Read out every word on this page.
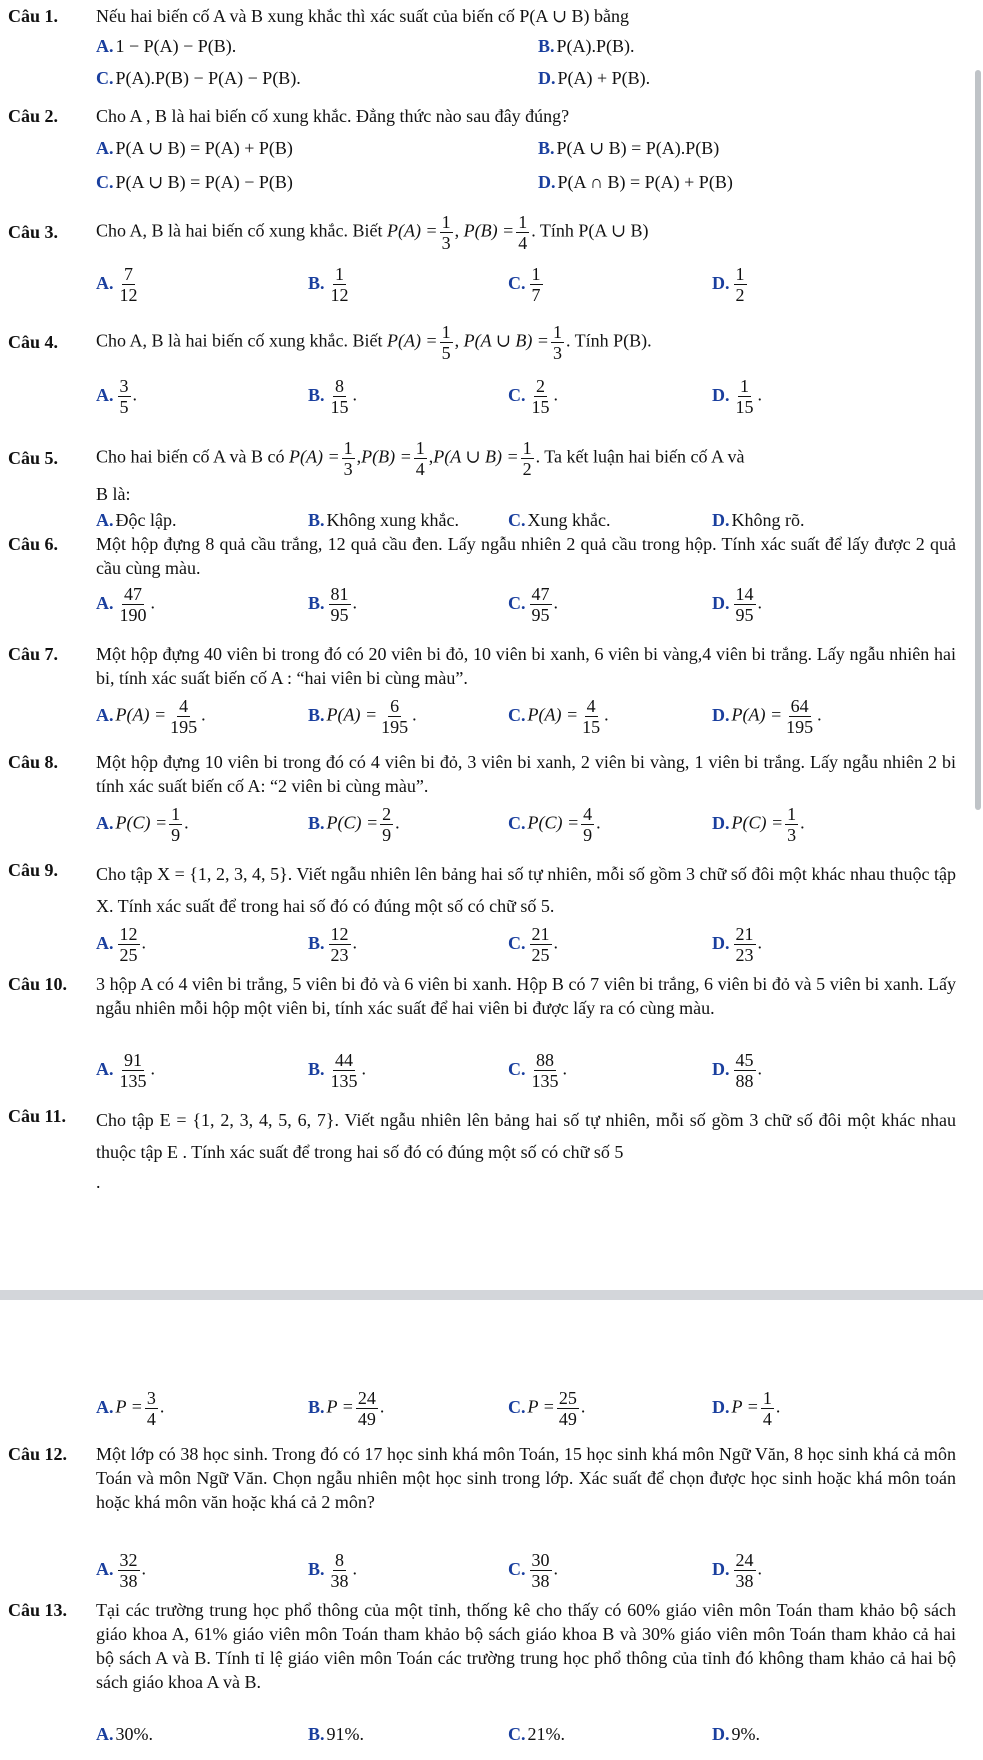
Câu 1. Nếu hai biến cố A và B xung khắc thì xác suất của biến cố P(A ∪ B) bằng
A. 1 − P(A) − P(B).	B. P(A).P(B).
C. P(A).P(B) − P(A) − P(B).	D. P(A) + P(B).
Câu 2. Cho A , B là hai biến cố xung khắc. Đẳng thức nào sau đây đúng?
A. P(A ∪ B) = P(A) + P(B)	B. P(A ∪ B) = P(A).P(B)
C. P(A ∪ B) = P(A) − P(B)	D. P(A ∩ B) = P(A) + P(B)
Câu 3. Cho A, B là hai biến cố xung khắc. Biết $P(A) = \frac{1}{3}$ , $P(B) = \frac{1}{4}$ . Tính P(A ∪ B)
A. $\frac{7}{12}$	B. $\frac{1}{12}$	C. $\frac{1}{7}$	D. $\frac{1}{2}$
Câu 4. Cho A, B là hai biến cố xung khắc. Biết $P(A) = \frac{1}{5}$ , P(A ∪ $B) = \frac{1}{3}$ . Tính P(B).
A. $\frac{3}{5}$ .	B. $\frac{8}{15}$ .	C. $\frac{2}{15}$ .	D. $\frac{1}{15}$ .
Câu 5. Cho hai biến cố A và B có $P(A) = \frac{1}{3} ,P(B) = \frac{1}{4} ,P(A$ ∪ $B) = \frac{1}{2}$ . Ta kết luận hai biến cố A và
B là:
A. Độc lập.	B. Không xung khắc.	C. Xung khắc.	D. Không rõ.
Câu 6. Một hộp đựng 8 quả cầu trắng, 12 quả cầu đen. Lấy ngẫu nhiên 2 quả cầu trong hộp. Tính xác suất để lấy được 2 quả cầu cùng màu.
A. $\frac{47}{190}$ .	B. $\frac{81}{95}$ .	C. $\frac{47}{95}$ .	D. $\frac{14}{95}$ .
Câu 7. Một hộp đựng 40 viên bi trong đó có 20 viên bi đỏ, 10 viên bi xanh, 6 viên bi vàng,4 viên bi trắng. Lấy ngẫu nhiên hai bi, tính xác suất biến cố A : “hai viên bi cùng màu”.
A. $P(A) = \frac{4}{195}$ .	B. $P(A) = \frac{6}{195}$ .	C. $P(A) = \frac{4}{15}$ .	D. $P(A) = \frac{64}{195}$ .
Câu 8. Một hộp đựng 10 viên bi trong đó có 4 viên bi đỏ, 3 viên bi xanh, 2 viên bi vàng, 1 viên bi trắng. Lấy ngẫu nhiên 2 bi tính xác suất biến cố A: “2 viên bi cùng màu”.
A. $P(C) = \frac{1}{9}$ .	B. $P(C) = \frac{2}{9}$ .	C. $P(C) = \frac{4}{9}$ .	D. $P(C) = \frac{1}{3}$ .
Câu 9. Cho tập X = {1, 2, 3, 4, 5}. Viết ngẫu nhiên lên bảng hai số tự nhiên, mỗi số gồm 3 chữ số đôi một khác nhau thuộc tập X. Tính xác suất để trong hai số đó có đúng một số có chữ số 5.
A. $\frac{12}{25}$ .	B. $\frac{12}{23}$ .	C. $\frac{21}{25}$ .	D. $\frac{21}{23}$ .
Câu 10. 3 hộp A có 4 viên bi trắng, 5 viên bi đỏ và 6 viên bi xanh. Hộp B có 7 viên bi trắng, 6 viên bi đỏ và 5 viên bi xanh. Lấy ngẫu nhiên mỗi hộp một viên bi, tính xác suất để hai viên bi được lấy ra có cùng màu.
A. $\frac{91}{135}$ .	B. $\frac{44}{135}$ .	C. $\frac{88}{135}$ .	D. $\frac{45}{88}$ .
Câu 11. Cho tập E = {1, 2, 3, 4, 5, 6, 7}. Viết ngẫu nhiên lên bảng hai số tự nhiên, mỗi số gồm 3 chữ số đôi một khác nhau thuộc tập E . Tính xác suất để trong hai số đó có đúng một số có chữ số 5
.
A. $P = \frac{3}{4}$ .	B. $P = \frac{24}{49}$ .	C. $P = \frac{25}{49}$ .	D. $P = \frac{1}{4}$ .
Câu 12. Một lớp có 38 học sinh. Trong đó có 17 học sinh khá môn Toán, 15 học sinh khá môn Ngữ Văn, 8 học sinh khá cả môn Toán và môn Ngữ Văn. Chọn ngẫu nhiên một học sinh trong lớp. Xác suất để chọn được học sinh hoặc khá môn toán hoặc khá môn văn hoặc khá cả 2 môn?
A. $\frac{32}{38}$ .	B. $\frac{8}{38}$ .	C. $\frac{30}{38}$ .	D. $\frac{24}{38}$ .
Câu 13. Tại các trường trung học phổ thông của một tỉnh, thống kê cho thấy có 60% giáo viên môn Toán tham khảo bộ sách giáo khoa A, 61% giáo viên môn Toán tham khảo bộ sách giáo khoa B và 30% giáo viên môn Toán tham khảo cả hai bộ sách A và B. Tính tỉ lệ giáo viên môn Toán các trường trung học phổ thông của tỉnh đó không tham khảo cả hai bộ sách giáo khoa A và B.
A. 30%.	B. 91%.	C. 21%.	D. 9%.
